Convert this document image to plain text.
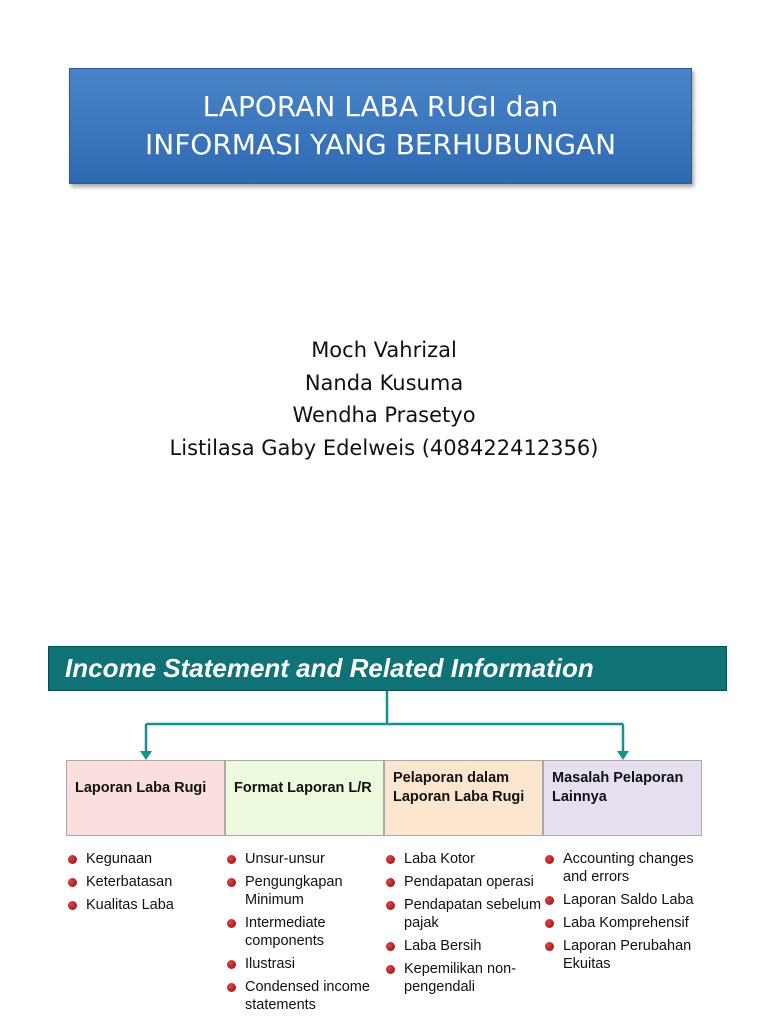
LAPORAN LABA RUGI dan
INFORMASI YANG BERHUBUNGAN
Moch Vahrizal
Nanda Kusuma
Wendha Prasetyo
Listilasa Gaby Edelweis (408422412356)
Income Statement and Related Information
Laporan Laba Rugi	Format Laporan L/R
Pelaporan dalam Laporan Laba Rugi
Masalah Pelaporan Lainnya
Kegunaan
Keterbatasan
Kualitas Laba
Unsur-unsur
Pengungkapan Minimum
Intermediate components
Ilustrasi
Condensed income statements
Laba Kotor
Pendapatan operasi
Pendapatan sebelum pajak
Laba Bersih
Kepemilikan non-pengendali
Accounting changes and errors
Laporan Saldo Laba
Laba Komprehensif
Laporan Perubahan Ekuitas
